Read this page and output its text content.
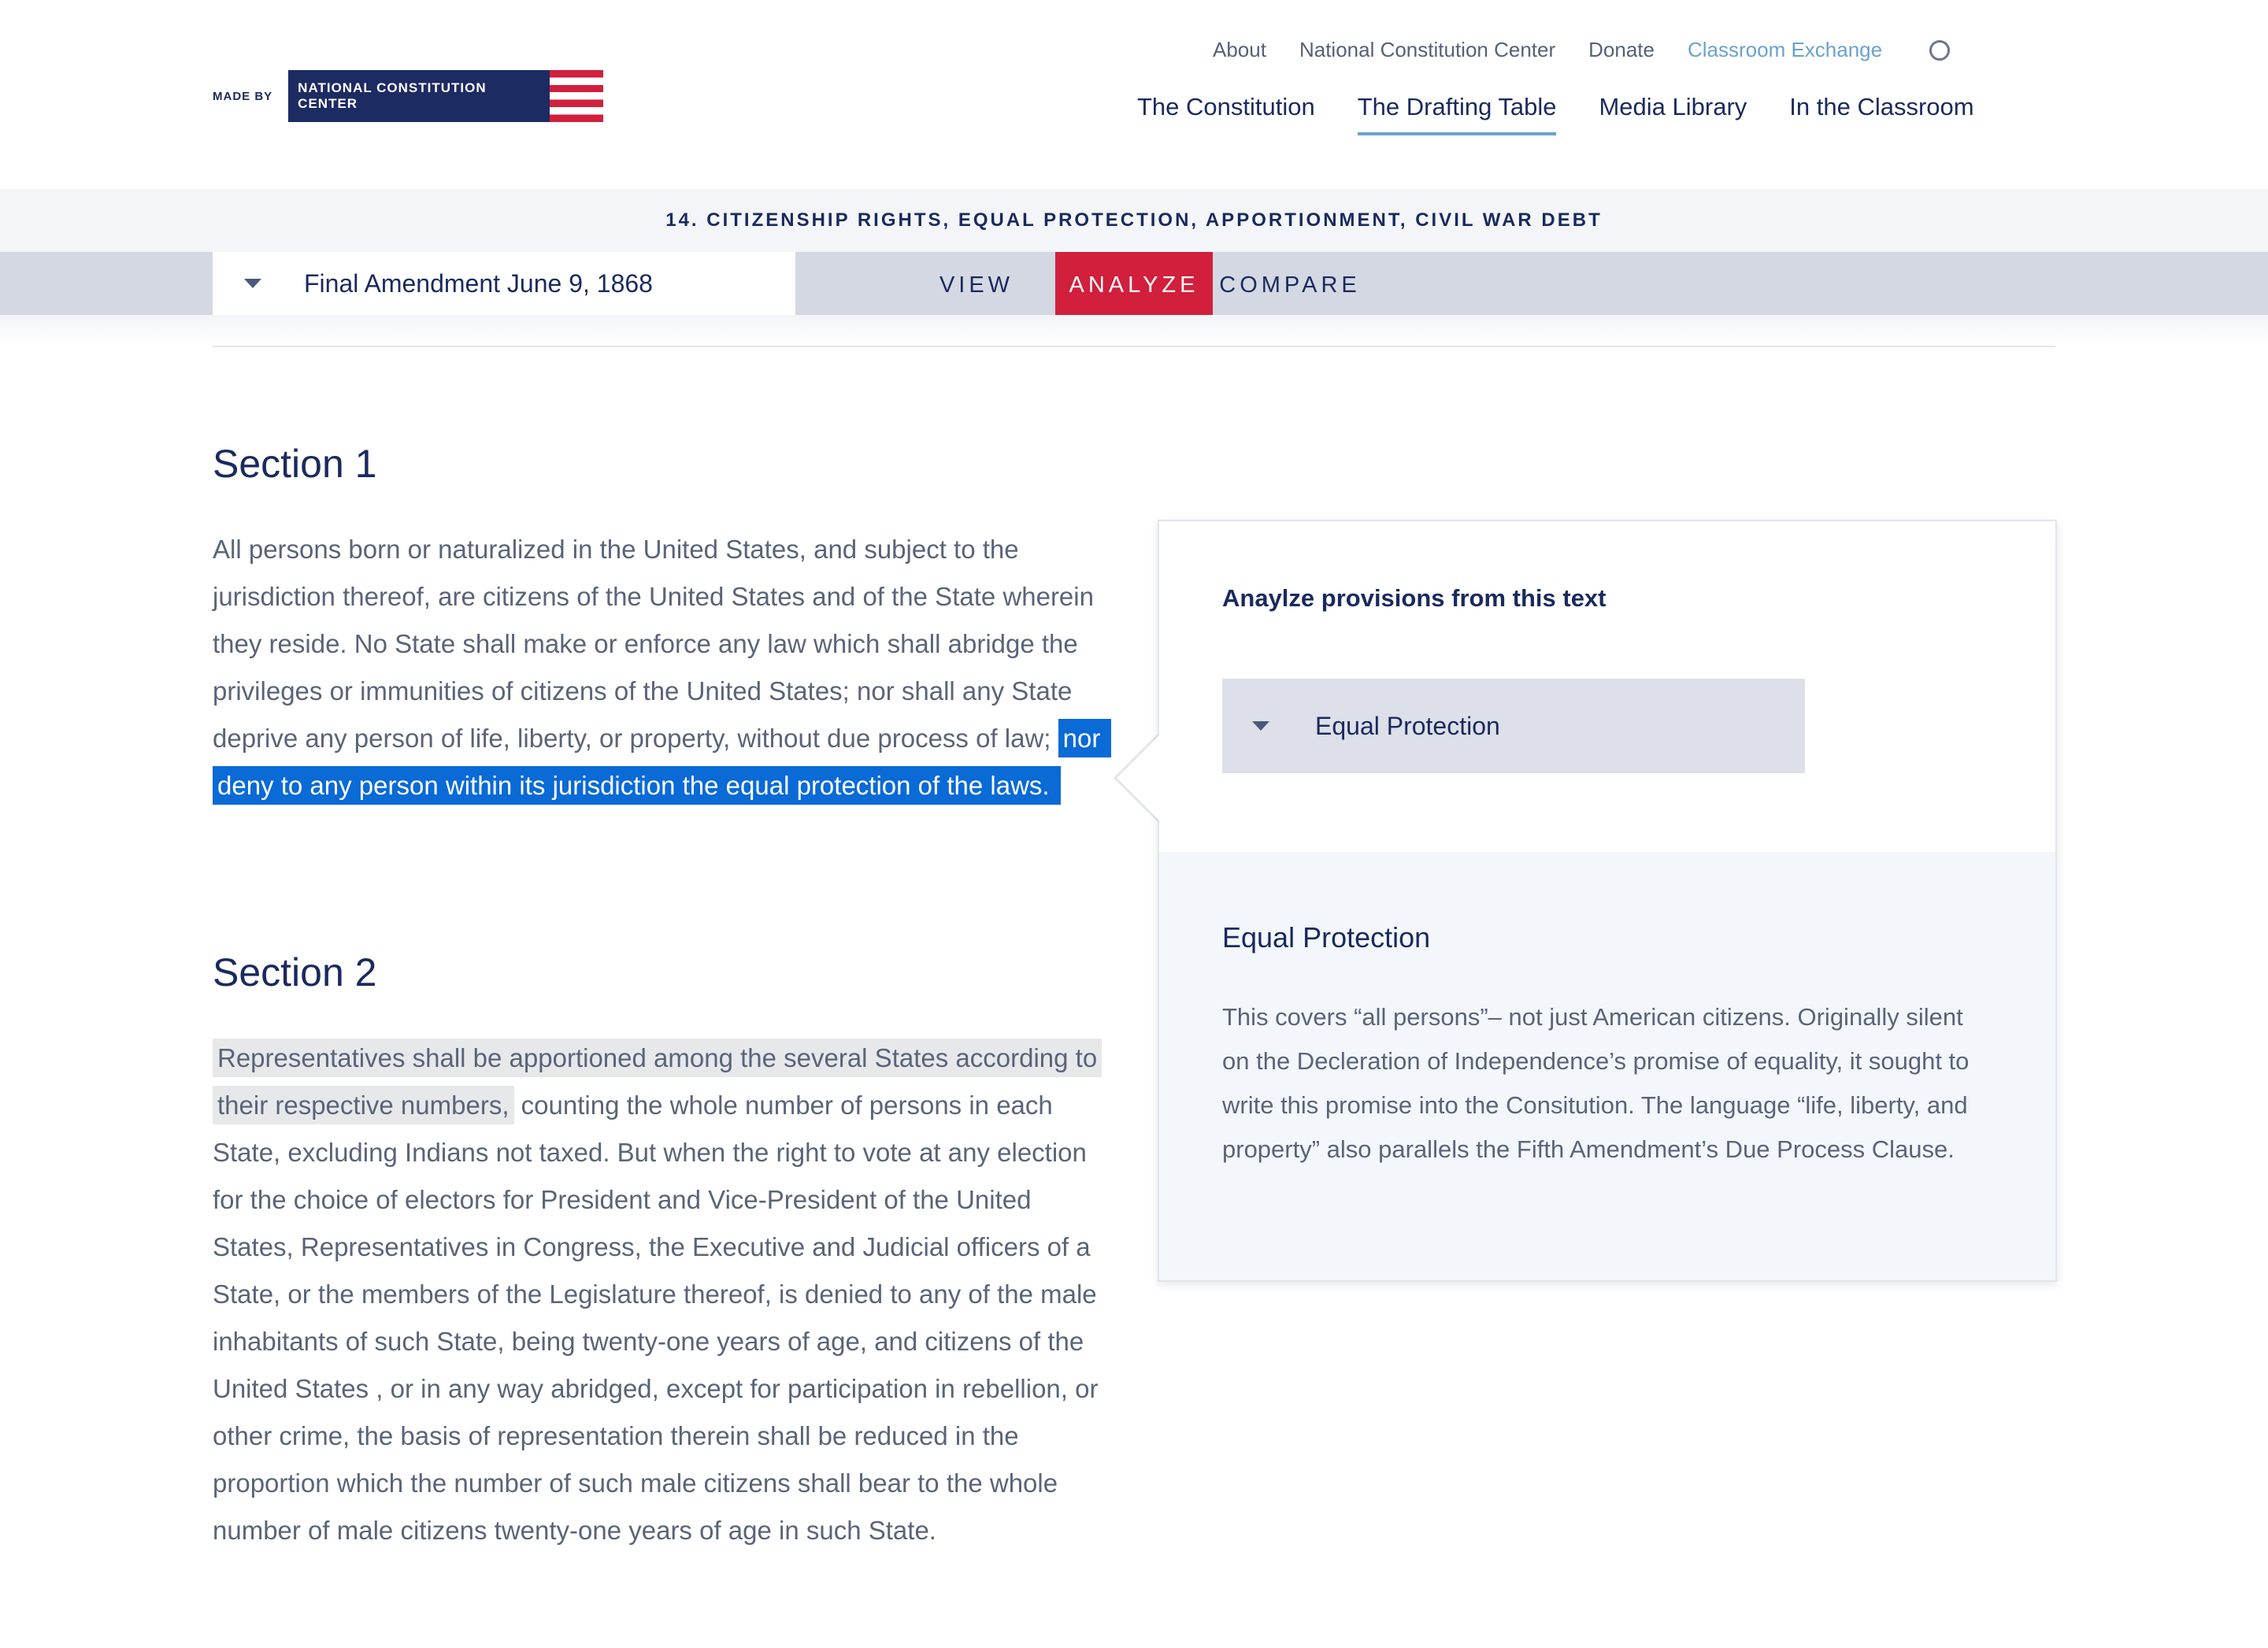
MADE BY
NATIONAL CONSTITUTION CENTER
About National Constitution Center Donate Classroom Exchange
The Constitution The Drafting Table Media Library In the Classroom
14. CITIZENSHIP RIGHTS, EQUAL PROTECTION, APPORTIONMENT, CIVIL WAR DEBT
Final Amendment June 9, 1868	VIEW	ANALYZE COMPARE
Section 1

All persons born or naturalized in the United States, and subject to the jurisdiction thereof, are citizens of the United States and of the State wherein they reside. No State shall make or enforce any law which shall abridge the privileges or immunities of citizens of the United States; nor shall any State deprive any person of life, liberty, or property, without due process of law; nor deny to any person within its jurisdiction the equal protection of the laws.

Section 2

Representatives shall be apportioned among the several States according to their respective numbers, counting the whole number of persons in each State, excluding Indians not taxed. But when the right to vote at any election for the choice of electors for President and Vice-President of the United States, Representatives in Congress, the Executive and Judicial officers of a State, or the members of the Legislature thereof, is denied to any of the male inhabitants of such State, being twenty-one years of age, and citizens of the United States , or in any way abridged, except for participation in rebellion, or other crime, the basis of representation therein shall be reduced in the proportion which the number of such male citizens shall bear to the whole number of male citizens twenty-one years of age in such State.

Anaylze provisions from this text
Equal Protection
Equal Protection

This covers “all persons”– not just American citizens. Originally silent on the Decleration of Independence’s promise of equality, it sought to write this promise into the Consitution. The language “life, liberty, and property” also parallels the Fifth Amendment’s Due Process Clause.
